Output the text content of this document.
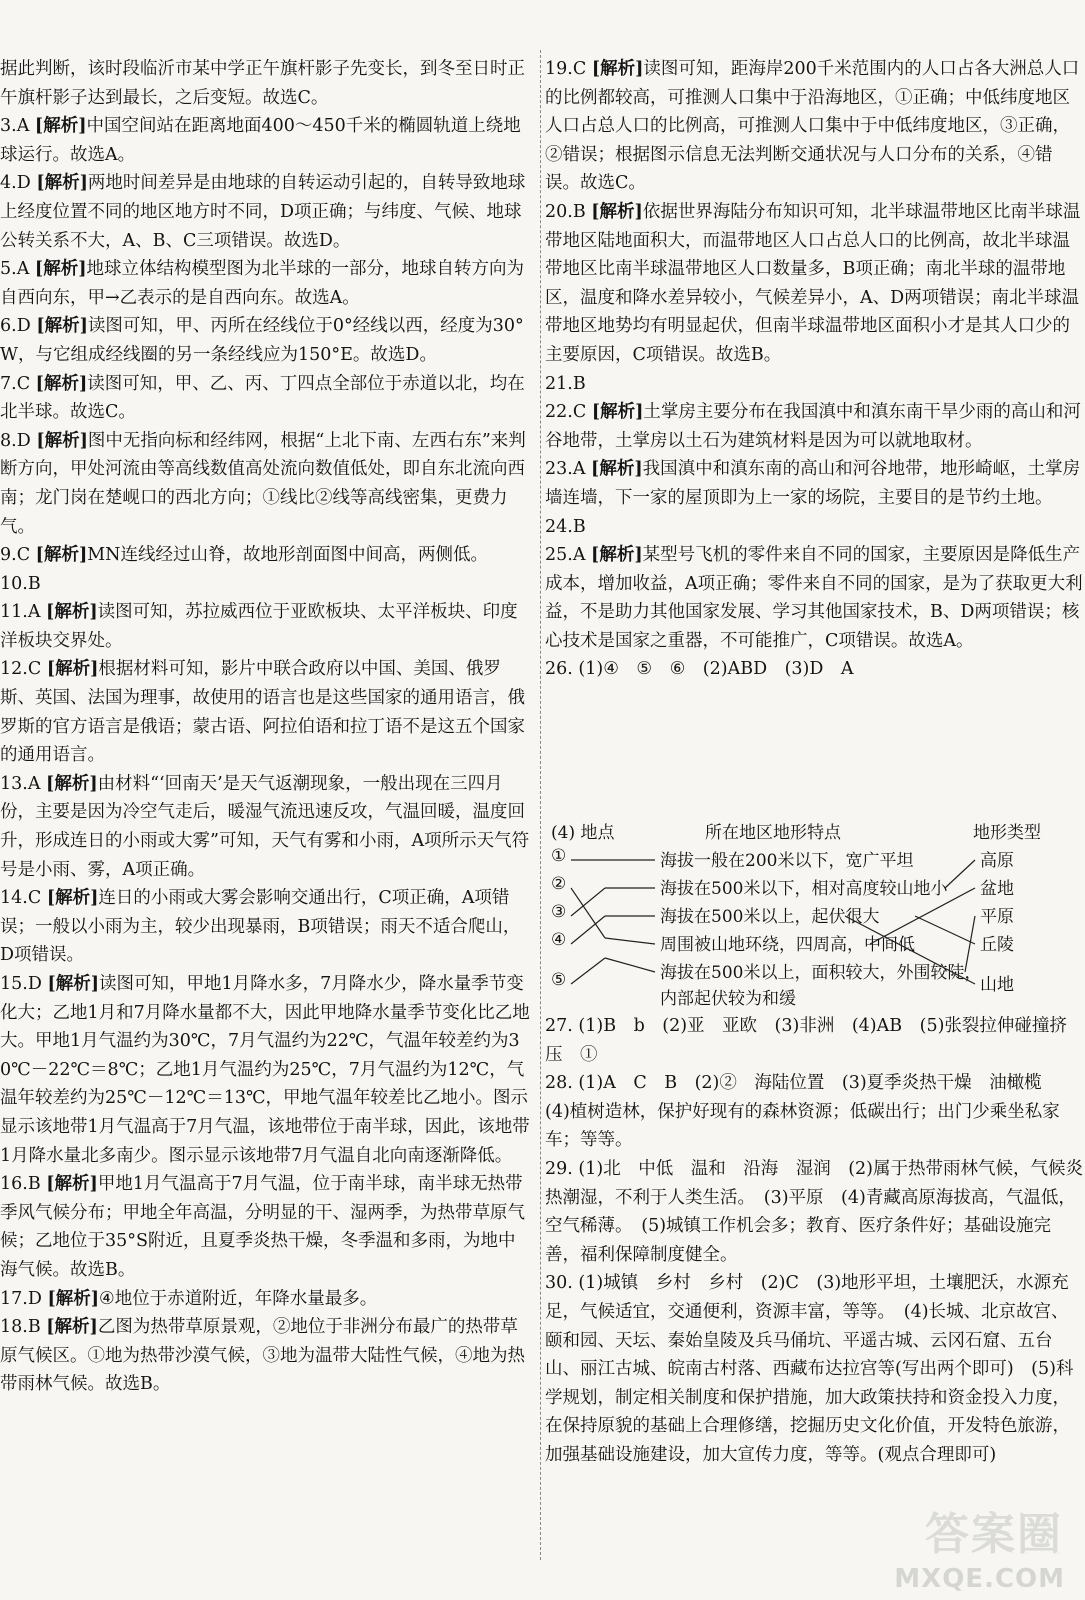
据此判断，该时段临沂市某中学正午旗杆影子先变长，到冬至日时正午旗杆影子达到最长，之后变短。故选C。

3.A [解析]中国空间站在距离地面400～450千米的椭圆轨道上绕地球运行。故选A。

4.D [解析]两地时间差异是由地球的自转运动引起的，自转导致地球上经度位置不同的地区地方时不同，D项正确；与纬度、气候、地球公转关系不大，A、B、C三项错误。故选D。

5.A [解析]地球立体结构模型图为北半球的一部分，地球自转方向为自西向东，甲→乙表示的是自西向东。故选A。

6.D [解析]读图可知，甲、丙所在经线位于0°经线以西，经度为30°W，与它组成经线圈的另一条经线应为150°E。故选D。

7.C [解析]读图可知，甲、乙、丙、丁四点全部位于赤道以北，均在北半球。故选C。

8.D [解析]图中无指向标和经纬网，根据“上北下南、左西右东”来判断方向，甲处河流由等高线数值高处流向数值低处，即自东北流向西南；龙门岗在楚岘口的西北方向；①线比②线等高线密集，更费力气。

9.C [解析]MN连线经过山脊，故地形剖面图中间高，两侧低。

10.B

11.A [解析]读图可知，苏拉威西位于亚欧板块、太平洋板块、印度洋板块交界处。

12.C [解析]根据材料可知，影片中联合政府以中国、美国、俄罗斯、英国、法国为理事，故使用的语言也是这些国家的通用语言，俄罗斯的官方语言是俄语；蒙古语、阿拉伯语和拉丁语不是这五个国家的通用语言。

13.A [解析]由材料“‘回南天’是天气返潮现象，一般出现在三四月份，主要是因为冷空气走后，暖湿气流迅速反攻，气温回暖，温度回升，形成连日的小雨或大雾”可知，天气有雾和小雨，A项所示天气符号是小雨、雾，A项正确。

14.C [解析]连日的小雨或大雾会影响交通出行，C项正确，A项错误；一般以小雨为主，较少出现暴雨，B项错误；雨天不适合爬山，D项错误。

15.D [解析]读图可知，甲地1月降水多，7月降水少，降水量季节变化大；乙地1月和7月降水量都不大，因此甲地降水量季节变化比乙地大。甲地1月气温约为30℃，7月气温约为22℃，气温年较差约为30℃－22℃＝8℃；乙地1月气温约为25℃，7月气温约为12℃，气温年较差约为25℃－12℃＝13℃，甲地气温年较差比乙地小。图示显示该地带1月气温高于7月气温，该地带位于南半球，因此，该地带1月降水量北多南少。图示显示该地带7月气温自北向南逐渐降低。

16.B [解析]甲地1月气温高于7月气温，位于南半球，南半球无热带季风气候分布；甲地全年高温，分明显的干、湿两季，为热带草原气候；乙地位于35°S附近，且夏季炎热干燥，冬季温和多雨，为地中海气候。故选B。

17.D [解析]④地位于赤道附近，年降水量最多。

18.B [解析]乙图为热带草原景观，②地位于非洲分布最广的热带草原气候区。①地为热带沙漠气候，③地为温带大陆性气候，④地为热带雨林气候。故选B。

19.C [解析]读图可知，距海岸200千米范围内的人口占各大洲总人口的比例都较高，可推测人口集中于沿海地区，①正确；中低纬度地区人口占总人口的比例高，可推测人口集中于中低纬度地区，③正确，②错误；根据图示信息无法判断交通状况与人口分布的关系，④错误。故选C。

20.B [解析]依据世界海陆分布知识可知，北半球温带地区比南半球温带地区陆地面积大，而温带地区人口占总人口的比例高，故北半球温带地区比南半球温带地区人口数量多，B项正确；南北半球的温带地区，温度和降水差异较小，气候差异小，A、D两项错误；南北半球温带地区地势均有明显起伏，但南半球温带地区面积小才是其人口少的主要原因，C项错误。故选B。

21.B

22.C [解析]土掌房主要分布在我国滇中和滇东南干旱少雨的高山和河谷地带，土掌房以土石为建筑材料是因为可以就地取材。

23.A [解析]我国滇中和滇东南的高山和河谷地带，地形崎岖，土掌房墙连墙，下一家的屋顶即为上一家的场院，主要目的是节约土地。

24.B

25.A [解析]某型号飞机的零件来自不同的国家，主要原因是降低生产成本，增加收益，A项正确；零件来自不同的国家，是为了获取更大利益，不是助力其他国家发展、学习其他国家技术，B、D两项错误；核心技术是国家之重器，不可能推广，C项错误。故选A。

26. (1)④　⑤　⑥　(2)ABD　(3)D　A

(4) 地点	所在地区地形特点	地形类型
①
②
③
④
⑤
海拔一般在200米以下，宽广平坦
海拔在500米以下，相对高度较山地小
海拔在500米以上，起伏很大
周围被山地环绕，四周高，中间低
海拔在500米以上，面积较大，外围较陡，
内部起伏较为和缓
高原
盆地
平原
丘陵
山地

27. (1)B　b　(2)亚　亚欧　(3)非洲　(4)AB　(5)张裂拉伸碰撞挤压　①

28. (1)A　C　B　(2)②　海陆位置　(3)夏季炎热干燥　油橄榄　(4)植树造林，保护好现有的森林资源；低碳出行；出门少乘坐私家车；等等。

29. (1)北　中低　温和　沿海　湿润　(2)属于热带雨林气候，气候炎热潮湿，不利于人类生活。　(3)平原　(4)青藏高原海拔高，气温低，空气稀薄。　(5)城镇工作机会多；教育、医疗条件好；基础设施完善，福利保障制度健全。

30. (1)城镇　乡村　乡村　(2)C　(3)地形平坦，土壤肥沃，水源充足，气候适宜，交通便利，资源丰富，等等。　(4)长城、北京故宫、颐和园、天坛、秦始皇陵及兵马俑坑、平遥古城、云冈石窟、五台山、丽江古城、皖南古村落、西藏布达拉宫等(写出两个即可)　(5)科学规划，制定相关制度和保护措施，加大政策扶持和资金投入力度，在保持原貌的基础上合理修缮，挖掘历史文化价值，开发特色旅游，加强基础设施建设，加大宣传力度，等等。(观点合理即可)

答案圈
MXQE.COM
